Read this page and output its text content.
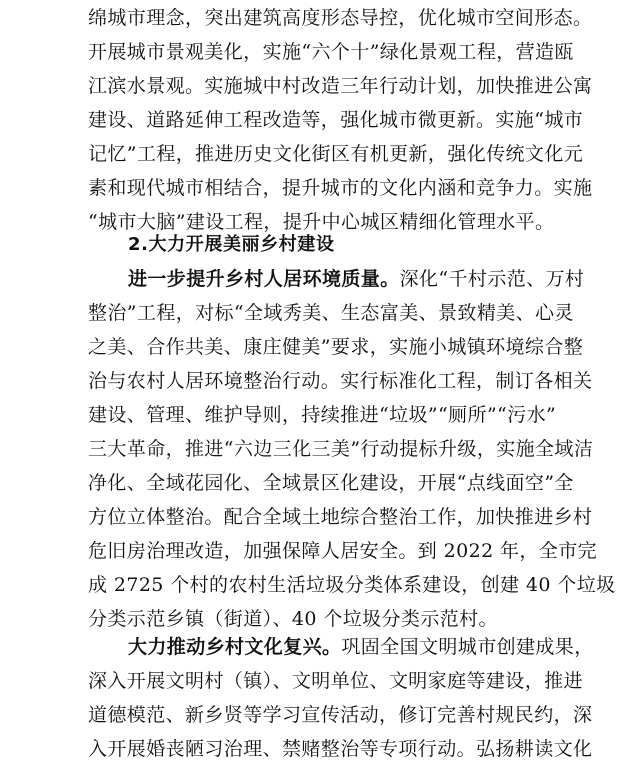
绵城市理念，突出建筑高度形态导控，优化城市空间形态。
开展城市景观美化，实施“六个十”绿化景观工程，营造瓯
江滨水景观。实施城中村改造三年行动计划，加快推进公寓
建设、道路延伸工程改造等，强化城市微更新。实施“城市
记忆”工程，推进历史文化街区有机更新，强化传统文化元
素和现代城市相结合，提升城市的文化内涵和竞争力。实施
“城市大脑”建设工程，提升中心城区精细化管理水平。
2.大力开展美丽乡村建设
进一步提升乡村人居环境质量。深化“千村示范、万村
整治”工程，对标“全域秀美、生态富美、景致精美、心灵
之美、合作共美、康庄健美”要求，实施小城镇环境综合整
治与农村人居环境整治行动。实行标准化工程，制订各相关
建设、管理、维护导则，持续推进“垃圾”“厕所”“污水”
三大革命，推进“六边三化三美”行动提标升级，实施全域洁
净化、全域花园化、全域景区化建设，开展“点线面空”全
方位立体整治。配合全域土地综合整治工作，加快推进乡村
危旧房治理改造，加强保障人居安全。到 2022 年，全市完
成 2725 个村的农村生活垃圾分类体系建设，创建 40 个垃圾
分类示范乡镇（街道）、40 个垃圾分类示范村。
大力推动乡村文化复兴。巩固全国文明城市创建成果，
深入开展文明村（镇）、文明单位、文明家庭等建设，推进
道德模范、新乡贤等学习宣传活动，修订完善村规民约，深
入开展婚丧陋习治理、禁赌整治等专项行动。弘扬耕读文化
